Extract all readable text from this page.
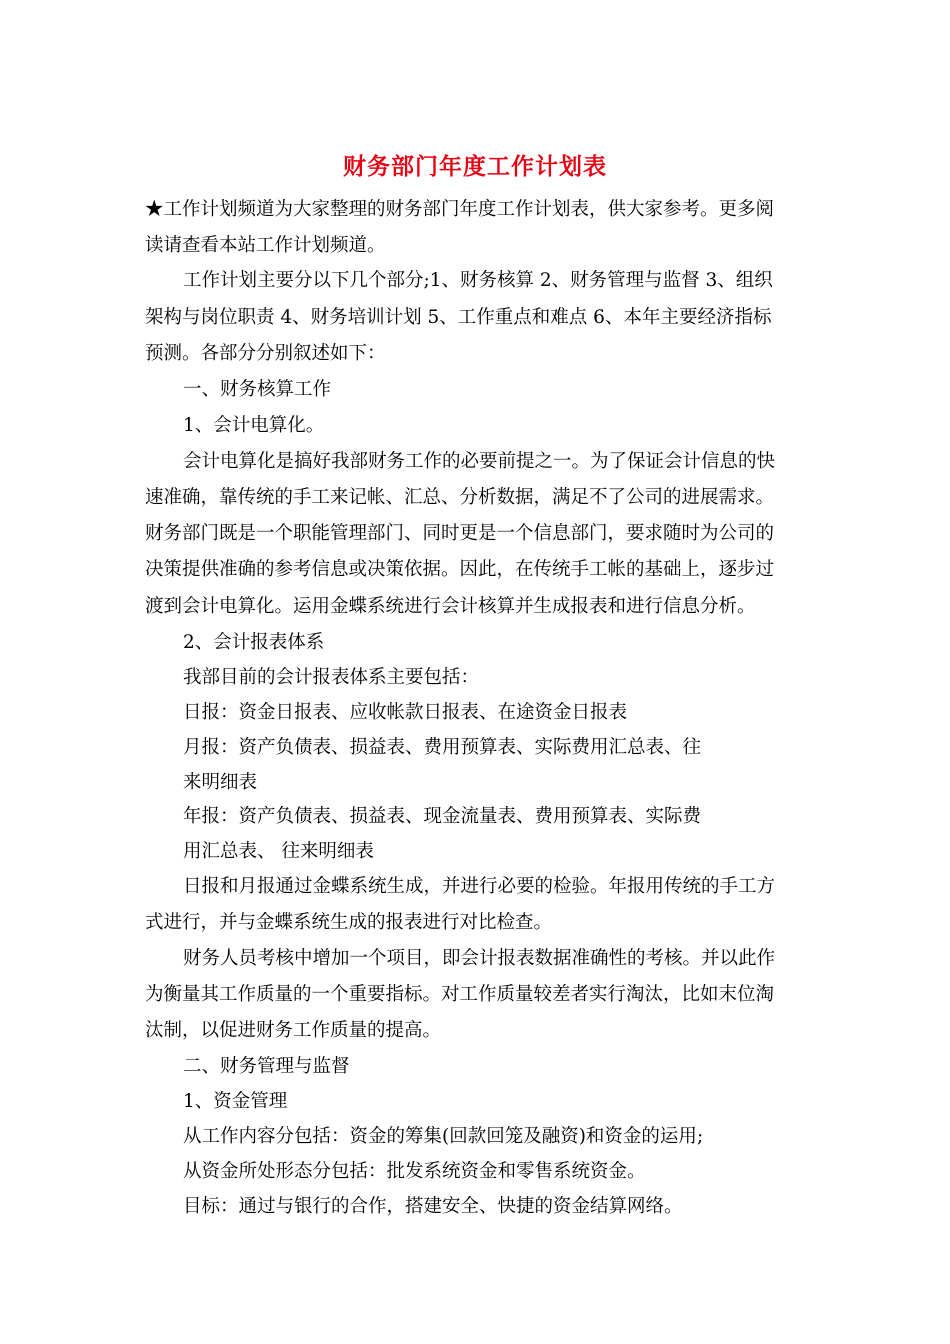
财务部门年度工作计划表
★工作计划频道为大家整理的财务部门年度工作计划表，供大家参考。更多阅
读请查看本站工作计划频道。
工作计划主要分以下几个部分;1、财务核算 2、财务管理与监督 3、组织
架构与岗位职责 4、财务培训计划 5、工作重点和难点 6、本年主要经济指标
预测。各部分分别叙述如下：
一、财务核算工作
1、会计电算化。
会计电算化是搞好我部财务工作的必要前提之一。为了保证会计信息的快
速准确，靠传统的手工来记帐、汇总、分析数据，满足不了公司的进展需求。
财务部门既是一个职能管理部门、同时更是一个信息部门，要求随时为公司的
决策提供准确的参考信息或决策依据。因此，在传统手工帐的基础上，逐步过
渡到会计电算化。运用金蝶系统进行会计核算并生成报表和进行信息分析。
2、会计报表体系
我部目前的会计报表体系主要包括：
日报：资金日报表、应收帐款日报表、在途资金日报表
月报：资产负债表、损益表、费用预算表、实际费用汇总表、往
来明细表
年报：资产负债表、损益表、现金流量表、费用预算表、实际费
用汇总表、 往来明细表
日报和月报通过金蝶系统生成，并进行必要的检验。年报用传统的手工方
式进行，并与金蝶系统生成的报表进行对比检查。
财务人员考核中增加一个项目，即会计报表数据准确性的考核。并以此作
为衡量其工作质量的一个重要指标。对工作质量较差者实行淘汰，比如末位淘
汰制，以促进财务工作质量的提高。
二、财务管理与监督
1、资金管理
从工作内容分包括：资金的筹集(回款回笼及融资)和资金的运用;
从资金所处形态分包括：批发系统资金和零售系统资金。
目标：通过与银行的合作，搭建安全、快捷的资金结算网络。
